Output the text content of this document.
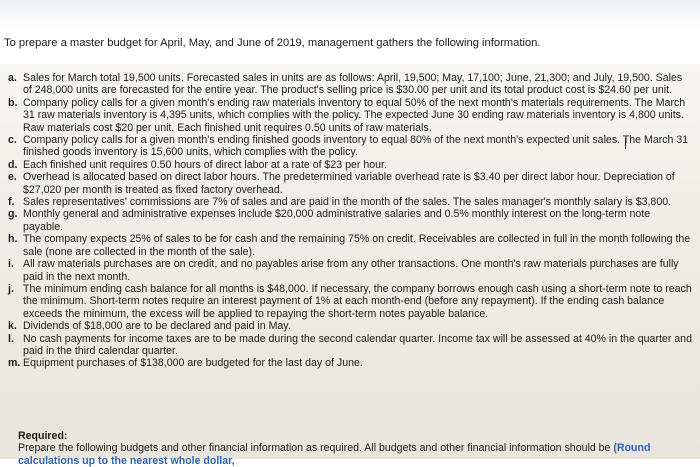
To prepare a master budget for April, May, and June of 2019, management gathers the following information.
a. Sales for March total 19,500 units. Forecasted sales in units are as follows: April, 19,500; May, 17,100; June, 21,300; and July, 19,500. Sales of 248,000 units are forecasted for the entire year. The product's selling price is $30.00 per unit and its total product cost is $24.60 per unit.
b. Company policy calls for a given month's ending raw materials inventory to equal 50% of the next month's materials requirements. The March 31 raw materials inventory is 4,395 units, which complies with the policy. The expected June 30 ending raw materials inventory is 4,800 units. Raw materials cost $20 per unit. Each finished unit requires 0.50 units of raw materials.
c. Company policy calls for a given month's ending finished goods inventory to equal 80% of the next month's expected unit sales. The March 31 finished goods inventory is 15,600 units, which complies with the policy.
d. Each finished unit requires 0.50 hours of direct labor at a rate of $23 per hour.
e. Overhead is allocated based on direct labor hours. The predetermined variable overhead rate is $3.40 per direct labor hour. Depreciation of $27,020 per month is treated as fixed factory overhead.
f. Sales representatives' commissions are 7% of sales and are paid in the month of the sales. The sales manager's monthly salary is $3,800.
g. Monthly general and administrative expenses include $20,000 administrative salaries and 0.5% monthly interest on the long-term note payable.
h. The company expects 25% of sales to be for cash and the remaining 75% on credit. Receivables are collected in full in the month following the sale (none are collected in the month of the sale).
i. All raw materials purchases are on credit, and no payables arise from any other transactions. One month's raw materials purchases are fully paid in the next month.
j. The minimum ending cash balance for all months is $48,000. If necessary, the company borrows enough cash using a short-term note to reach the minimum. Short-term notes require an interest payment of 1% at each month-end (before any repayment). If the ending cash balance exceeds the minimum, the excess will be applied to repaying the short-term notes payable balance.
k. Dividends of $18,000 are to be declared and paid in May.
l. No cash payments for income taxes are to be made during the second calendar quarter. Income tax will be assessed at 40% in the quarter and paid in the third calendar quarter.
m. Equipment purchases of $138,000 are budgeted for the last day of June.
Required:
Prepare the following budgets and other financial information as required. All budgets and other financial information should be (Round calculations up to the nearest whole dollar,
